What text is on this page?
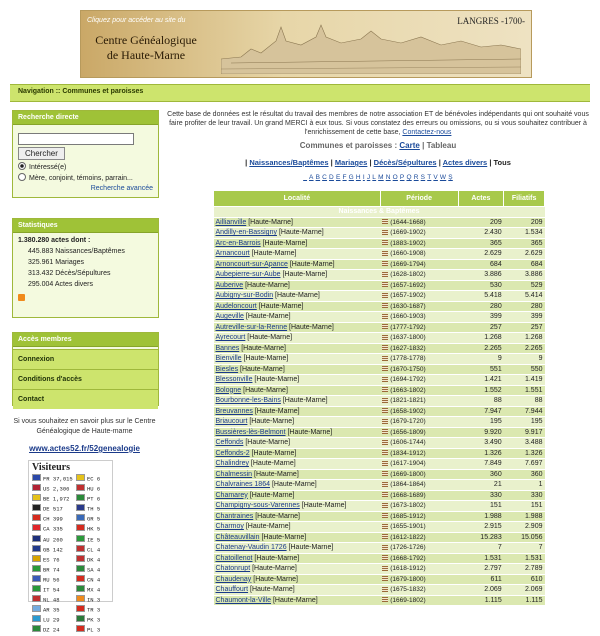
Cliquez pour accéder au site du
Centre Généalogique
de Haute-Marne
LANGRES -1700-
Navigation :: Communes et paroisses
Recherche directe
Chercher
Intéressé(e)
Mère, conjoint, témoins, parrain...
Recherche avancée
Statistiques
1.380.280 actes dont :
445.883 Naissances/Baptêmes
325.961 Mariages
313.432 Décès/Sépultures
295.004 Actes divers
Accès membres
Connexion
Conditions d'accès
Contact
Si vous souhaitez en savoir plus sur le Centre Généalogique de Haute-marne
www.actes52.fr/52genealogie
Visiteurs
FR 37,015	EC 6
US 2,306	HU 6
BE 1,972	PT 6
DE 517	TH 5
CH 399	GR 5
CA 335	HK 5
AU 260	IE 5
GB 142	CL 4
ES 76	DK 4
BR 74	SA 4
RU 56	CN 4
IT 54	MX 4
NL 48	IN 3
AR 35	TR 3
LU 29	PK 3
DZ 24	PL 3
Cette base de données est le résultat du travail des membres de notre association ET de bénévoles indépendants qui ont souhaité vous faire profiter de leur travail. Un grand MERCI à eux tous. Si vous constatez des erreurs ou omissions, ou si vous souhaitez contribuer à l'enrichissement de cette base, Contactez-nous
Communes et paroisses : Carte | Tableau
| Naissances/Baptêmes | Mariages | Décès/Sépultures | Actes divers | Tous
_ A B C D E F G H I J L M N O P Q R S T V W Ş
Localité	Période	Actes	Filiatifs
Naissances & Baptêmes			
Aillianville [Haute-Marne]	(1644-1668)	209	209
Andilly-en-Bassigny [Haute-Marne]	(1669-1902)	2.430	1.534
Arc-en-Barrois [Haute-Marne]	(1883-1902)	365	365
Arnancourt [Haute-Marne]	(1660-1908)	2.629	2.629
Arnoncourt-sur-Apance [Haute-Marne]	(1669-1794)	684	684
Aubepierre-sur-Aube [Haute-Marne]	(1628-1802)	3.886	3.886
Auberive [Haute-Marne]	(1657-1692)	530	529
Aubigny-sur-Bodin [Haute-Marne]	(1657-1902)	5.418	5.414
Audeloncourt [Haute-Marne]	(1630-1687)	280	280
Augeville [Haute-Marne]	(1660-1903)	399	399
Autreville-sur-la-Renne [Haute-Marne]	(1777-1792)	257	257
Ayrecourt [Haute-Marne]	(1637-1800)	1.268	1.268
Bannes [Haute-Marne]	(1627-1832)	2.265	2.265
Bienville [Haute-Marne]	(1778-1778)	9	9
Biesles [Haute-Marne]	(1670-1750)	551	550
Blessonville [Haute-Marne]	(1694-1792)	1.421	1.419
Bologne [Haute-Marne]	(1663-1802)	1.552	1.551
Bourbonne-les-Bains [Haute-Marne]	(1821-1821)	88	88
Breuvannes [Haute-Marne]	(1658-1902)	7.947	7.944
Briaucourt [Haute-Marne]	(1679-1720)	195	195
Bussières-lès-Belmont [Haute-Marne]	(1656-1809)	9.920	9.917
Ceffonds [Haute-Marne]	(1606-1744)	3.490	3.488
Ceffonds-2 [Haute-Marne]	(1834-1912)	1.326	1.326
Chalindrey [Haute-Marne]	(1617-1904)	7.849	7.697
Chalmessin [Haute-Marne]	(1669-1800)	360	360
Chalvraines 1864 [Haute-Marne]	(1864-1864)	21	1
Chamarey [Haute-Marne]	(1668-1689)	330	330
Champigny-sous-Varennes [Haute-Marne]	(1673-1802)	151	151
Chantraines [Haute-Marne]	(1685-1912)	1.988	1.988
Charmoy [Haute-Marne]	(1655-1901)	2.915	2.909
Châteauvillain [Haute-Marne]	(1612-1822)	15.283	15.056
Chatenay-Vaudin 1726 [Haute-Marne]	(1726-1726)	7	7
Chatoillenot [Haute-Marne]	(1668-1792)	1.531	1.531
Chatonrupt [Haute-Marne]	(1618-1912)	2.797	2.789
Chaudenay [Haute-Marne]	(1679-1800)	611	610
Chauffourt [Haute-Marne]	(1675-1832)	2.069	2.069
Chaumont-la-Ville [Haute-Marne]	(1669-1802)	1.115	1.115
